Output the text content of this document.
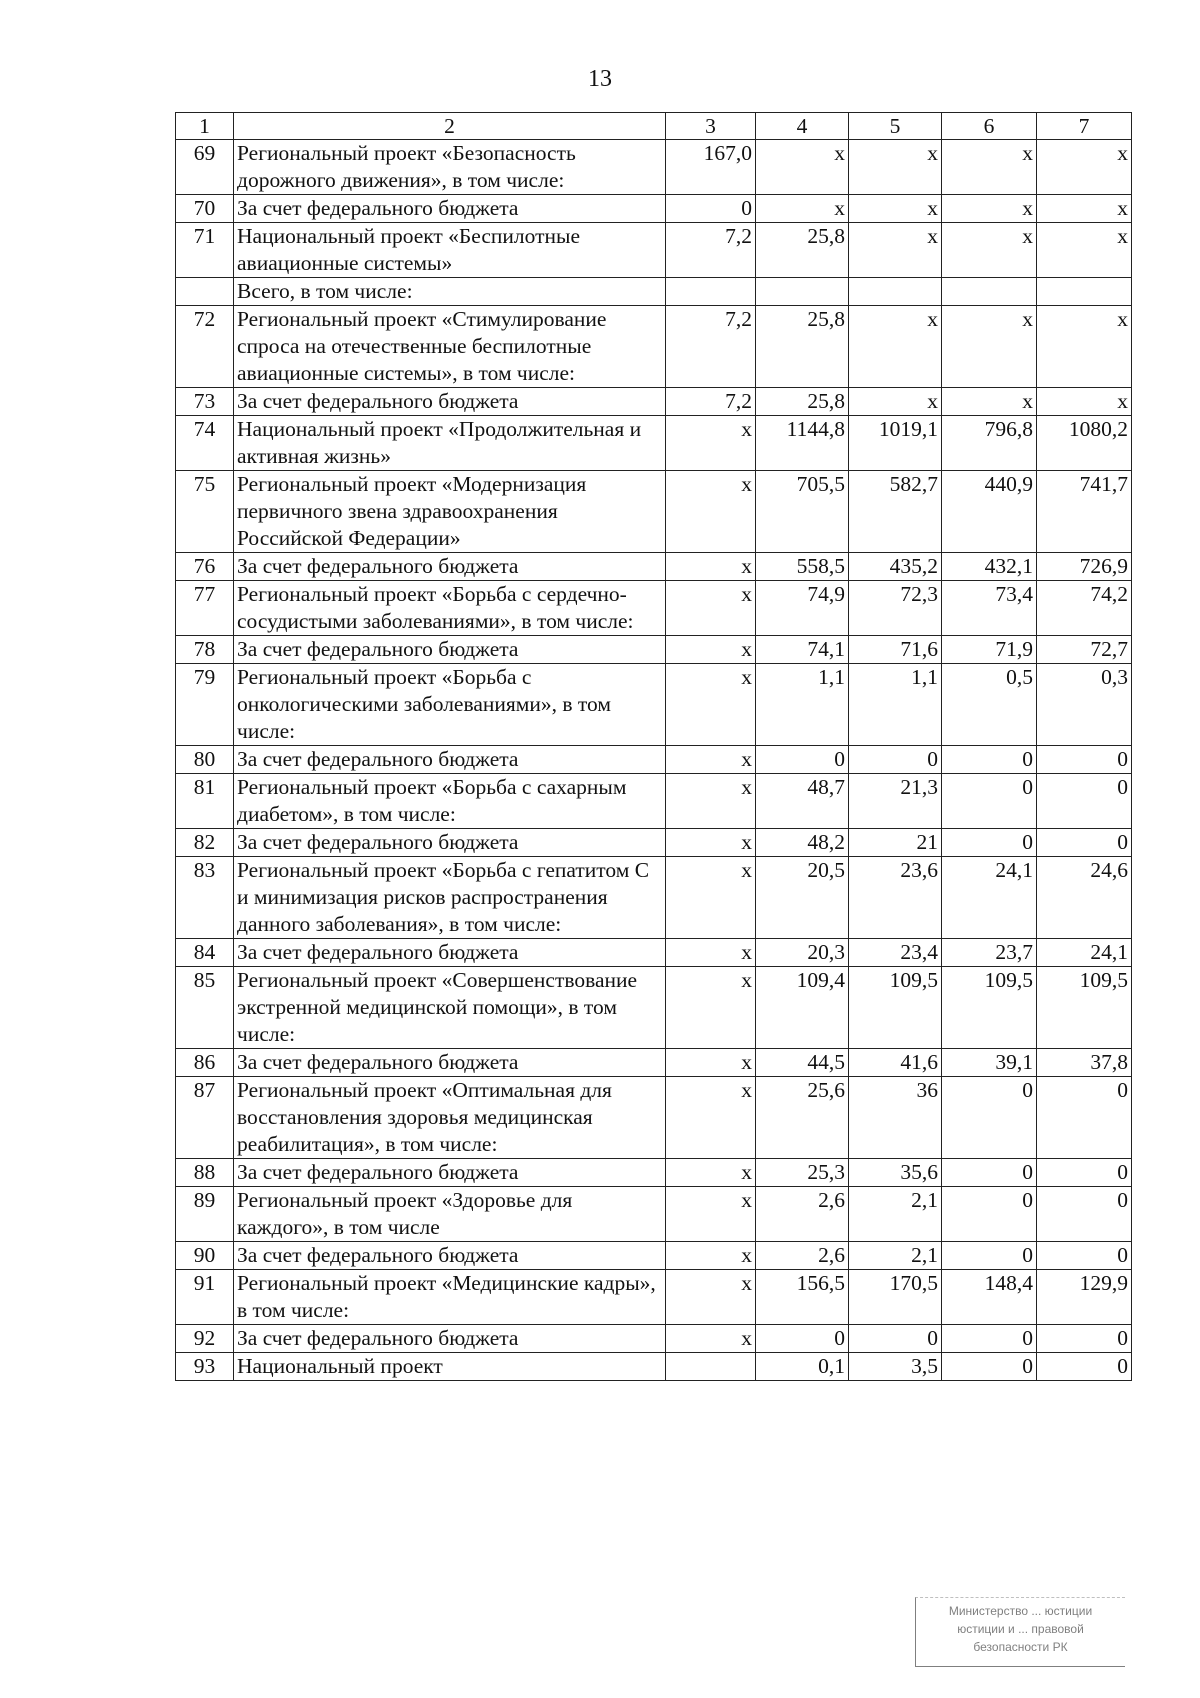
13
1	2	3	4	5	6	7
69	Региональный проект «Безопасность дорожного движения», в том числе:	167,0	x	x	x	x
70	За счет федерального бюджета	0	x	x	x	x
71	Национальный проект «Беспилотные авиационные системы»	7,2	25,8	x	x	x
	Всего, в том числе:					
72	Региональный проект «Стимулирование спроса на отечественные беспилотные авиационные системы», в том числе:	7,2	25,8	x	x	x
73	За счет федерального бюджета	7,2	25,8	x	x	x
74	Национальный проект «Продолжительная и активная жизнь»	x	1144,8	1019,1	796,8	1080,2
75	Региональный проект «Модернизация первичного звена здравоохранения Российской Федерации»	x	705,5	582,7	440,9	741,7
76	За счет федерального бюджета	x	558,5	435,2	432,1	726,9
77	Региональный проект «Борьба с сердечно-сосудистыми заболеваниями», в том числе:	x	74,9	72,3	73,4	74,2
78	За счет федерального бюджета	x	74,1	71,6	71,9	72,7
79	Региональный проект «Борьба с онкологическими заболеваниями», в том числе:	x	1,1	1,1	0,5	0,3
80	За счет федерального бюджета	x	0	0	0	0
81	Региональный проект «Борьба с сахарным диабетом», в том числе:	x	48,7	21,3	0	0
82	За счет федерального бюджета	x	48,2	21	0	0
83	Региональный проект «Борьба с гепатитом С и минимизация рисков распространения данного заболевания», в том числе:	x	20,5	23,6	24,1	24,6
84	За счет федерального бюджета	x	20,3	23,4	23,7	24,1
85	Региональный проект «Совершенствование экстренной медицинской помощи», в том числе:	x	109,4	109,5	109,5	109,5
86	За счет федерального бюджета	x	44,5	41,6	39,1	37,8
87	Региональный проект «Оптимальная для восстановления здоровья медицинская реабилитация», в том числе:	x	25,6	36	0	0
88	За счет федерального бюджета	x	25,3	35,6	0	0
89	Региональный проект «Здоровье для каждого», в том числе	x	2,6	2,1	0	0
90	За счет федерального бюджета	x	2,6	2,1	0	0
91	Региональный проект «Медицинские кадры», в том числе:	x	156,5	170,5	148,4	129,9
92	За счет федерального бюджета	x	0	0	0	0
93	Национальный проект		0,1	3,5	0	0
Министерство ... юстиции
юстиции и ... правовой
безопасности РК
